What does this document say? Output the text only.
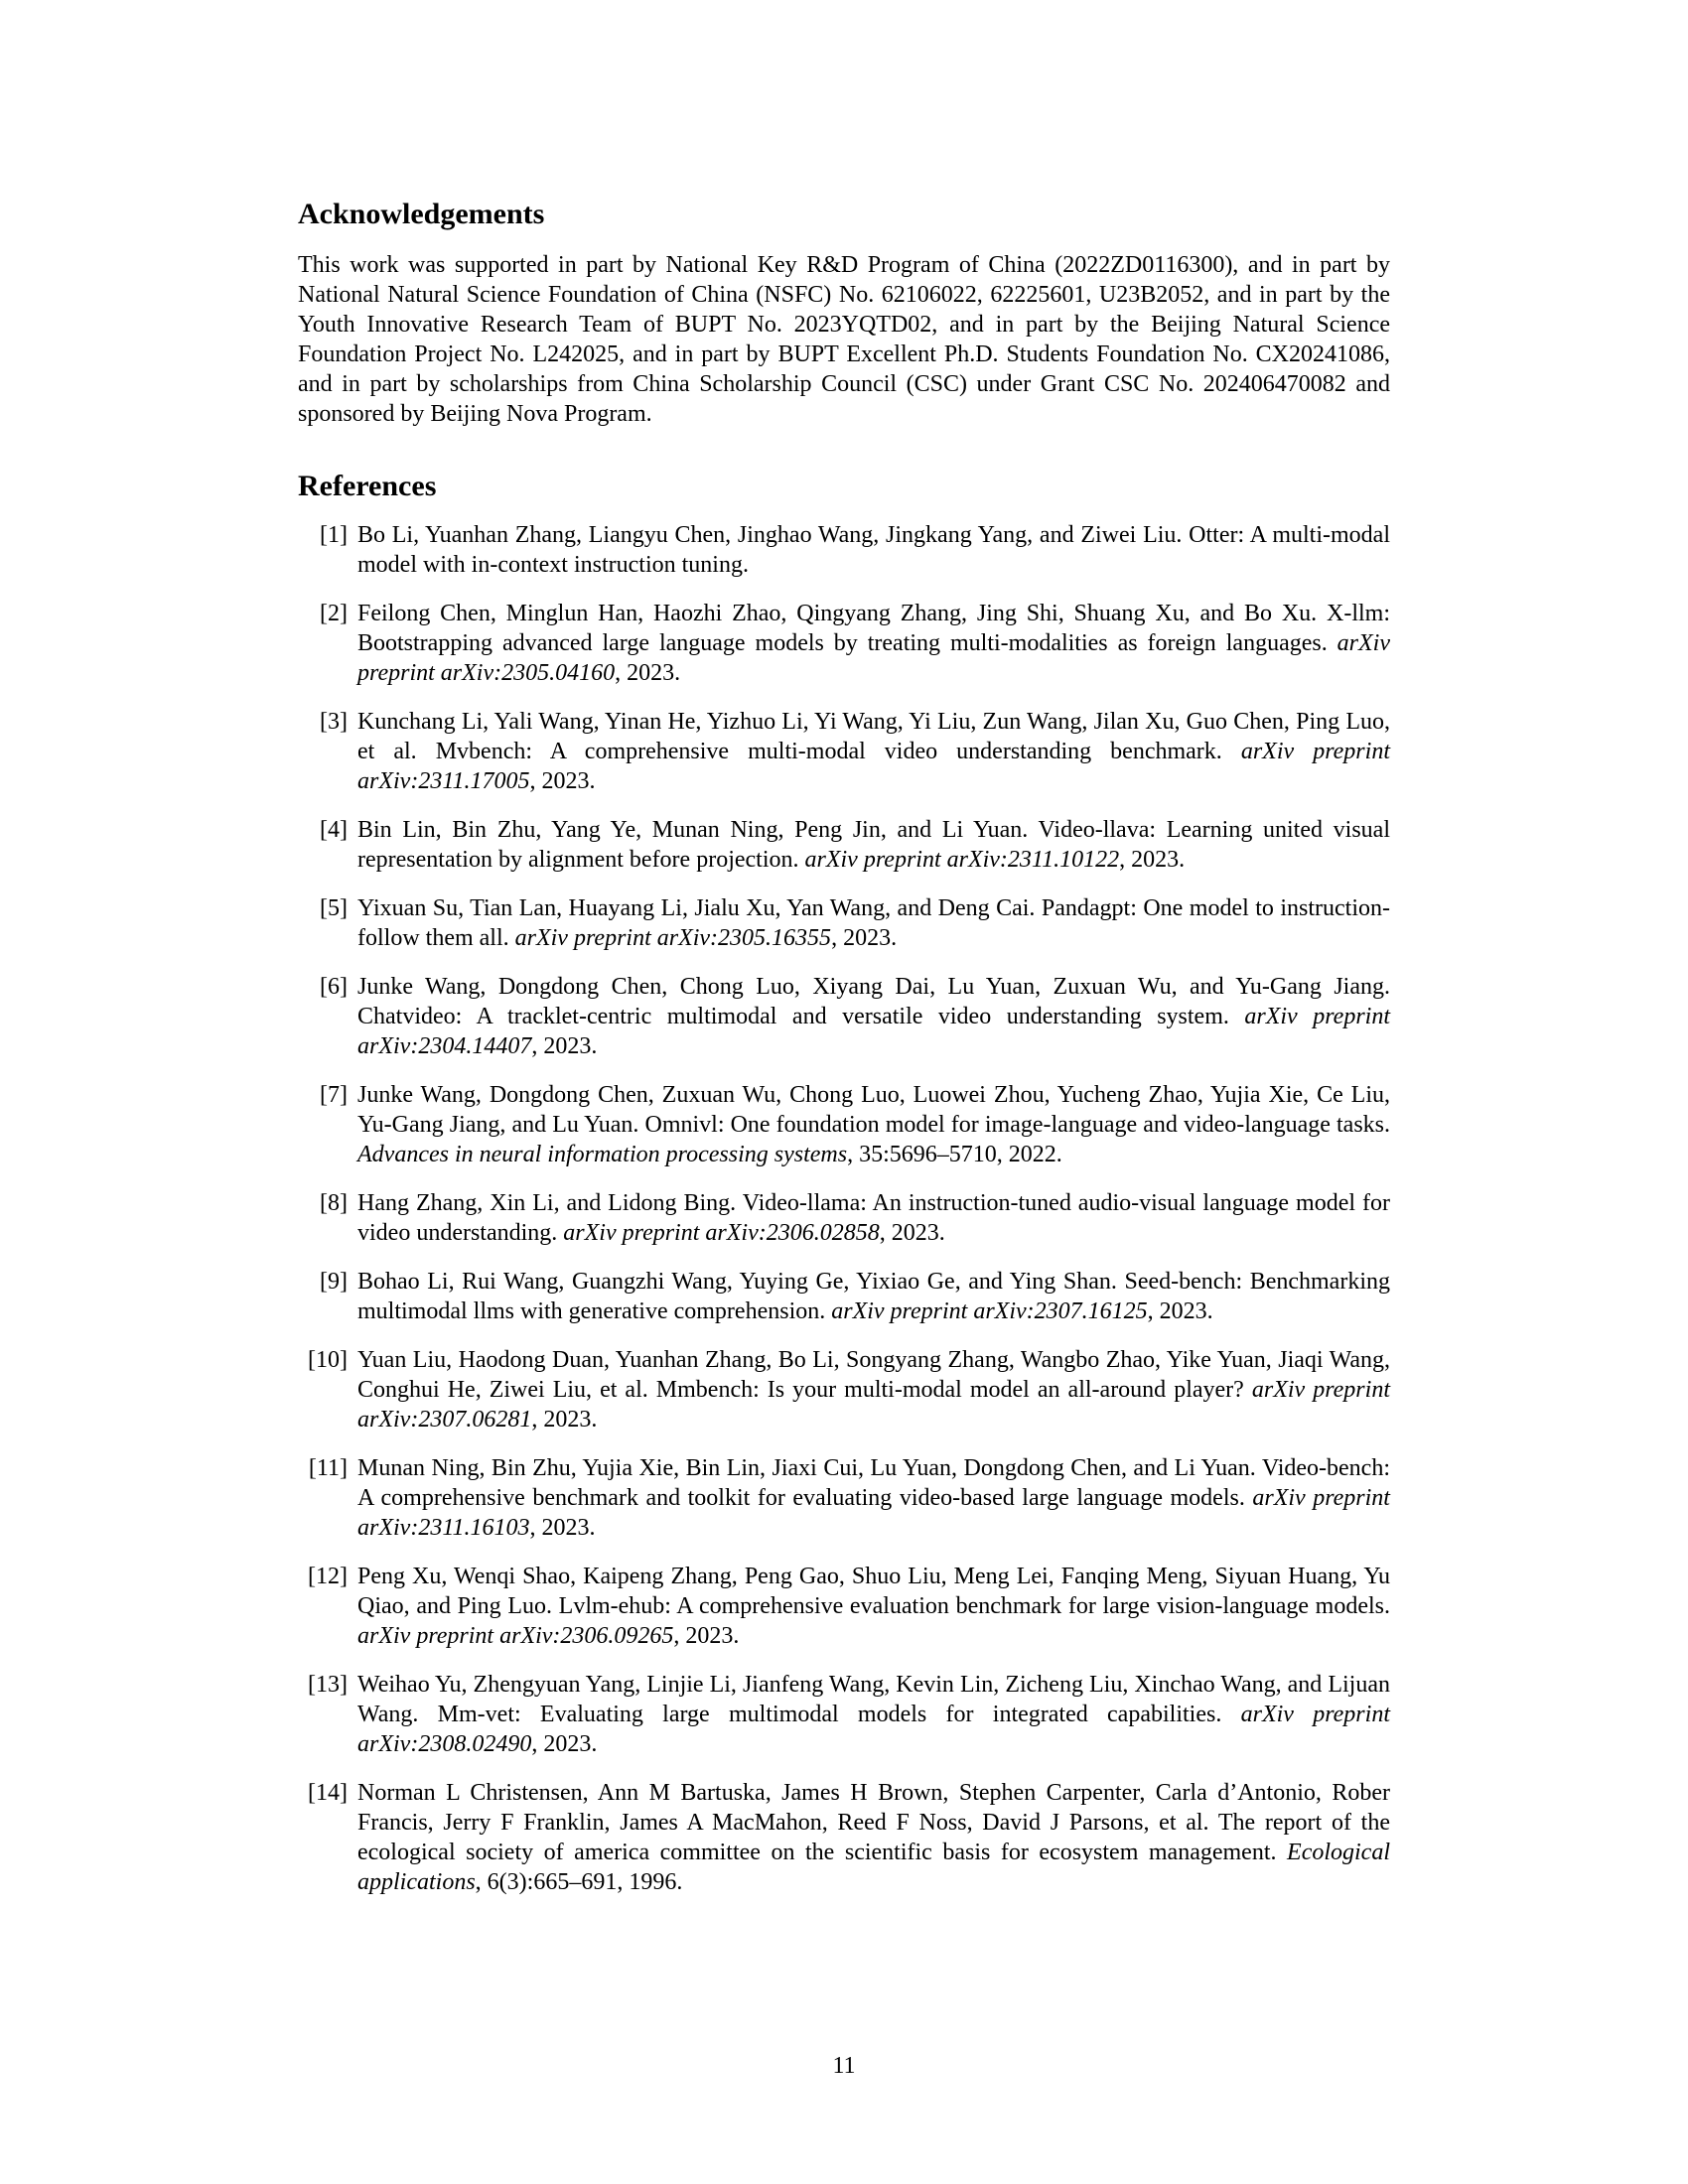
Acknowledgements

This work was supported in part by National Key R&D Program of China (2022ZD0116300), and in part by National Natural Science Foundation of China (NSFC) No. 62106022, 62225601, U23B2052, and in part by the Youth Innovative Research Team of BUPT No. 2023YQTD02, and in part by the Beijing Natural Science Foundation Project No. L242025, and in part by BUPT Excellent Ph.D. Students Foundation No. CX20241086, and in part by scholarships from China Scholarship Council (CSC) under Grant CSC No. 202406470082 and sponsored by Beijing Nova Program.

References
[1] Bo Li, Yuanhan Zhang, Liangyu Chen, Jinghao Wang, Jingkang Yang, and Ziwei Liu. Otter: A multi-modal model with in-context instruction tuning.
[2] Feilong Chen, Minglun Han, Haozhi Zhao, Qingyang Zhang, Jing Shi, Shuang Xu, and Bo Xu. X-llm: Bootstrapping advanced large language models by treating multi-modalities as foreign languages. arXiv preprint arXiv:2305.04160, 2023.
[3] Kunchang Li, Yali Wang, Yinan He, Yizhuo Li, Yi Wang, Yi Liu, Zun Wang, Jilan Xu, Guo Chen, Ping Luo, et al. Mvbench: A comprehensive multi-modal video understanding benchmark. arXiv preprint arXiv:2311.17005, 2023.
[4] Bin Lin, Bin Zhu, Yang Ye, Munan Ning, Peng Jin, and Li Yuan. Video-llava: Learning united visual representation by alignment before projection. arXiv preprint arXiv:2311.10122, 2023.
[5] Yixuan Su, Tian Lan, Huayang Li, Jialu Xu, Yan Wang, and Deng Cai. Pandagpt: One model to instruction-follow them all. arXiv preprint arXiv:2305.16355, 2023.
[6] Junke Wang, Dongdong Chen, Chong Luo, Xiyang Dai, Lu Yuan, Zuxuan Wu, and Yu-Gang Jiang. Chatvideo: A tracklet-centric multimodal and versatile video understanding system. arXiv preprint arXiv:2304.14407, 2023.
[7] Junke Wang, Dongdong Chen, Zuxuan Wu, Chong Luo, Luowei Zhou, Yucheng Zhao, Yujia Xie, Ce Liu, Yu-Gang Jiang, and Lu Yuan. Omnivl: One foundation model for image-language and video-language tasks. Advances in neural information processing systems, 35:5696–5710, 2022.
[8] Hang Zhang, Xin Li, and Lidong Bing. Video-llama: An instruction-tuned audio-visual language model for video understanding. arXiv preprint arXiv:2306.02858, 2023.
[9] Bohao Li, Rui Wang, Guangzhi Wang, Yuying Ge, Yixiao Ge, and Ying Shan. Seed-bench: Benchmarking multimodal llms with generative comprehension. arXiv preprint arXiv:2307.16125, 2023.
[10] Yuan Liu, Haodong Duan, Yuanhan Zhang, Bo Li, Songyang Zhang, Wangbo Zhao, Yike Yuan, Jiaqi Wang, Conghui He, Ziwei Liu, et al. Mmbench: Is your multi-modal model an all-around player? arXiv preprint arXiv:2307.06281, 2023.
[11] Munan Ning, Bin Zhu, Yujia Xie, Bin Lin, Jiaxi Cui, Lu Yuan, Dongdong Chen, and Li Yuan. Video-bench: A comprehensive benchmark and toolkit for evaluating video-based large language models. arXiv preprint arXiv:2311.16103, 2023.
[12] Peng Xu, Wenqi Shao, Kaipeng Zhang, Peng Gao, Shuo Liu, Meng Lei, Fanqing Meng, Siyuan Huang, Yu Qiao, and Ping Luo. Lvlm-ehub: A comprehensive evaluation benchmark for large vision-language models. arXiv preprint arXiv:2306.09265, 2023.
[13] Weihao Yu, Zhengyuan Yang, Linjie Li, Jianfeng Wang, Kevin Lin, Zicheng Liu, Xinchao Wang, and Lijuan Wang. Mm-vet: Evaluating large multimodal models for integrated capabilities. arXiv preprint arXiv:2308.02490, 2023.
[14] Norman L Christensen, Ann M Bartuska, James H Brown, Stephen Carpenter, Carla d’Antonio, Rober Francis, Jerry F Franklin, James A MacMahon, Reed F Noss, David J Parsons, et al. The report of the ecological society of america committee on the scientific basis for ecosystem management. Ecological applications, 6(3):665–691, 1996.
11
